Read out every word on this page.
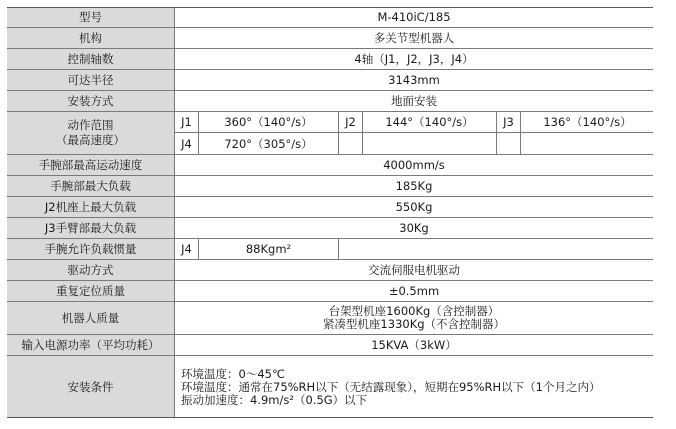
型号	M-410iC/185
机构	多关节型机器人
控制轴数	4轴（J1，J2，J3，J4）
可达半径	3143mm
安装方式	地面安装
动作范围
（最高速度）
J1	360°（140°/s）	J2	144°（140°/s）	J3	136°（140°/s）
J4	720°（305°/s）
手腕部最高运动速度	4000mm/s
手腕部最大负载	185Kg
J2机座上最大负载	550Kg
J3手臂部最大负载	30Kg
手腕允许负载惯量	J4	88Kgm²
驱动方式	交流伺服电机驱动
重复定位质量	±0.5mm
机器人质量	台架型机座1600Kg（含控制器）
紧凑型机座1330Kg（不含控制器）
输入电源功率（平均功耗）	15KVA（3kW）
安装条件
环境温度：0～45℃
环境温度：通常在75%RH以下（无结露现象），短期在95%RH以下（1个月之内）
振动加速度：4.9m/s²（0.5G）以下
